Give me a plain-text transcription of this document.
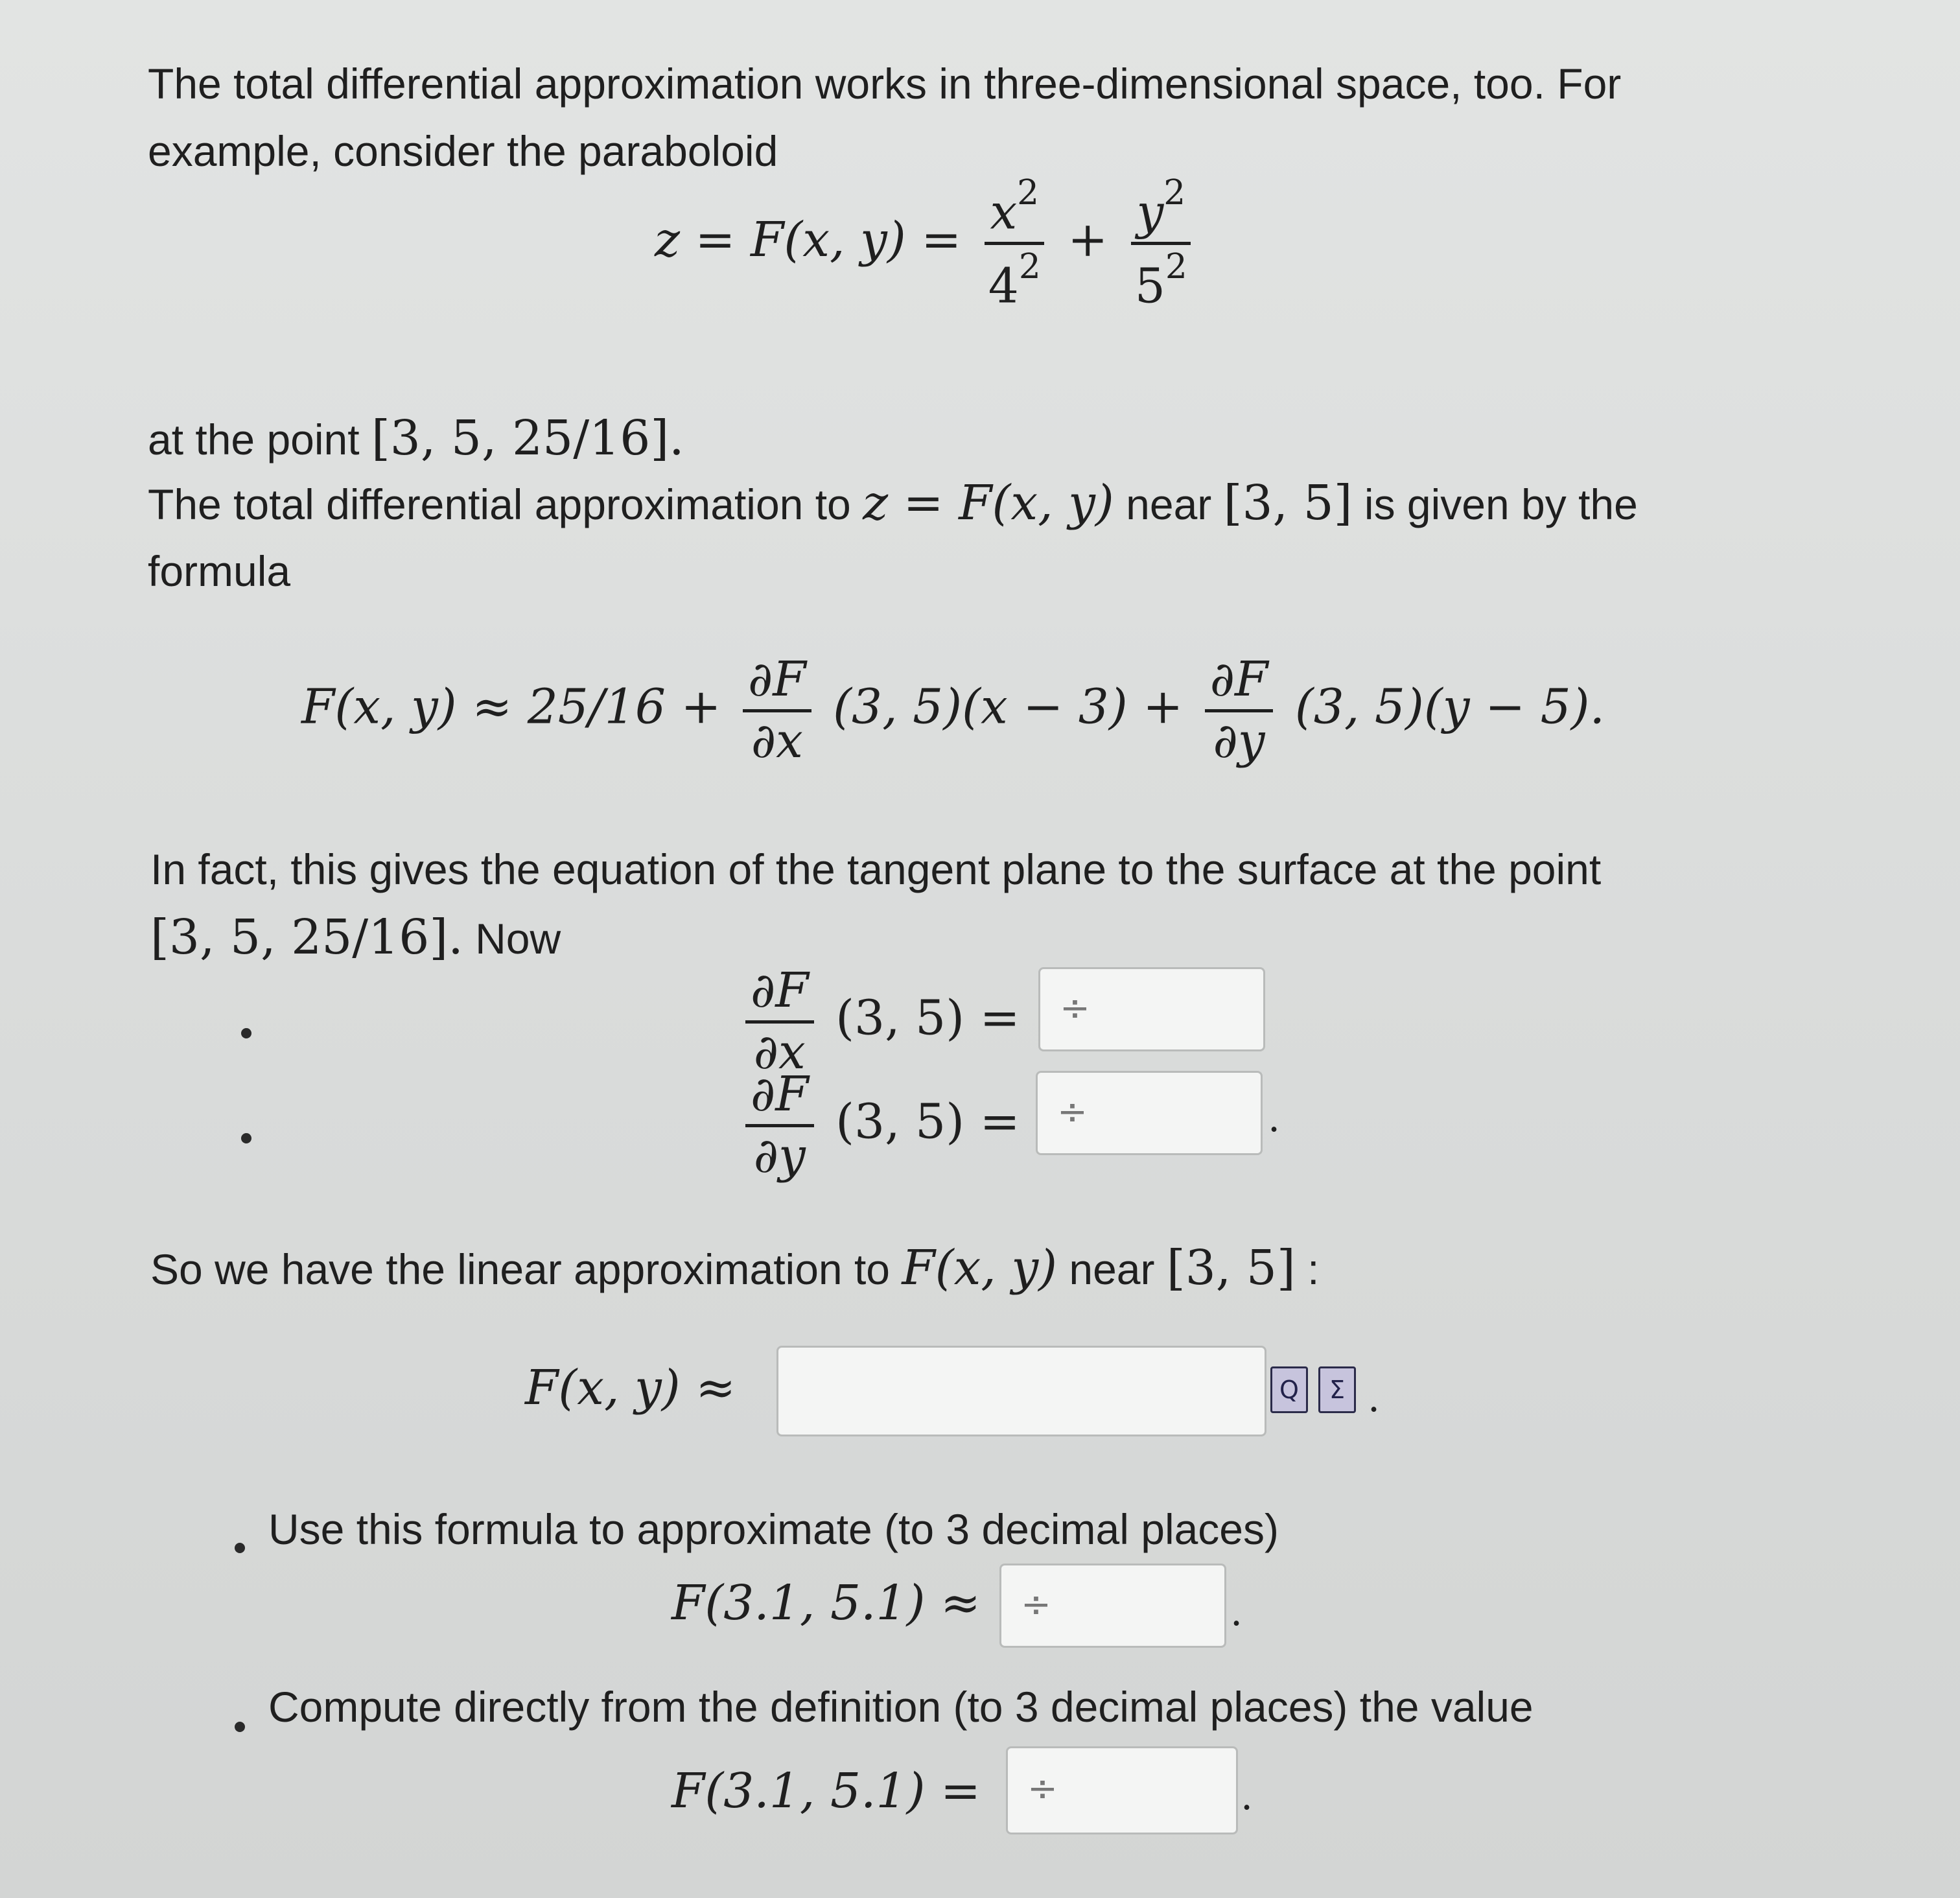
The total differential approximation works in three-dimensional space, too. For
example, consider the paraboloid
z = F(x, $y) = \frac{x^2}{4^2} + \frac{y^2}{5^2}$
at the point [3, 5, 25/16].
The total differential approximation to z = F(x, y) near [3, 5] is given by the
formula
F(x, $y) \approx 25/16 + \frac{\partial F}{\partial x} (3$, $5)(x - 3) + \frac{\partial F}{\partial y} (3$, 5)(y − 5).
In fact, this gives the equation of the tangent plane to the surface at the point
[3, 5, 25/16]. Now
$\frac{\partial F}{\partial x} (3$, 5) = ÷
$\frac{\partial F}{\partial y} (3$, 5) = ÷	.
So we have the linear approximation to F(x, y) near [3, 5] :
F(x, y) ≈	Q	Σ .
Use this formula to approximate (to 3 decimal places)
F(3.1, 5.1) ≈ ÷	.
Compute directly from the definition (to 3 decimal places) the value
F(3.1, 5.1) = ÷	.
